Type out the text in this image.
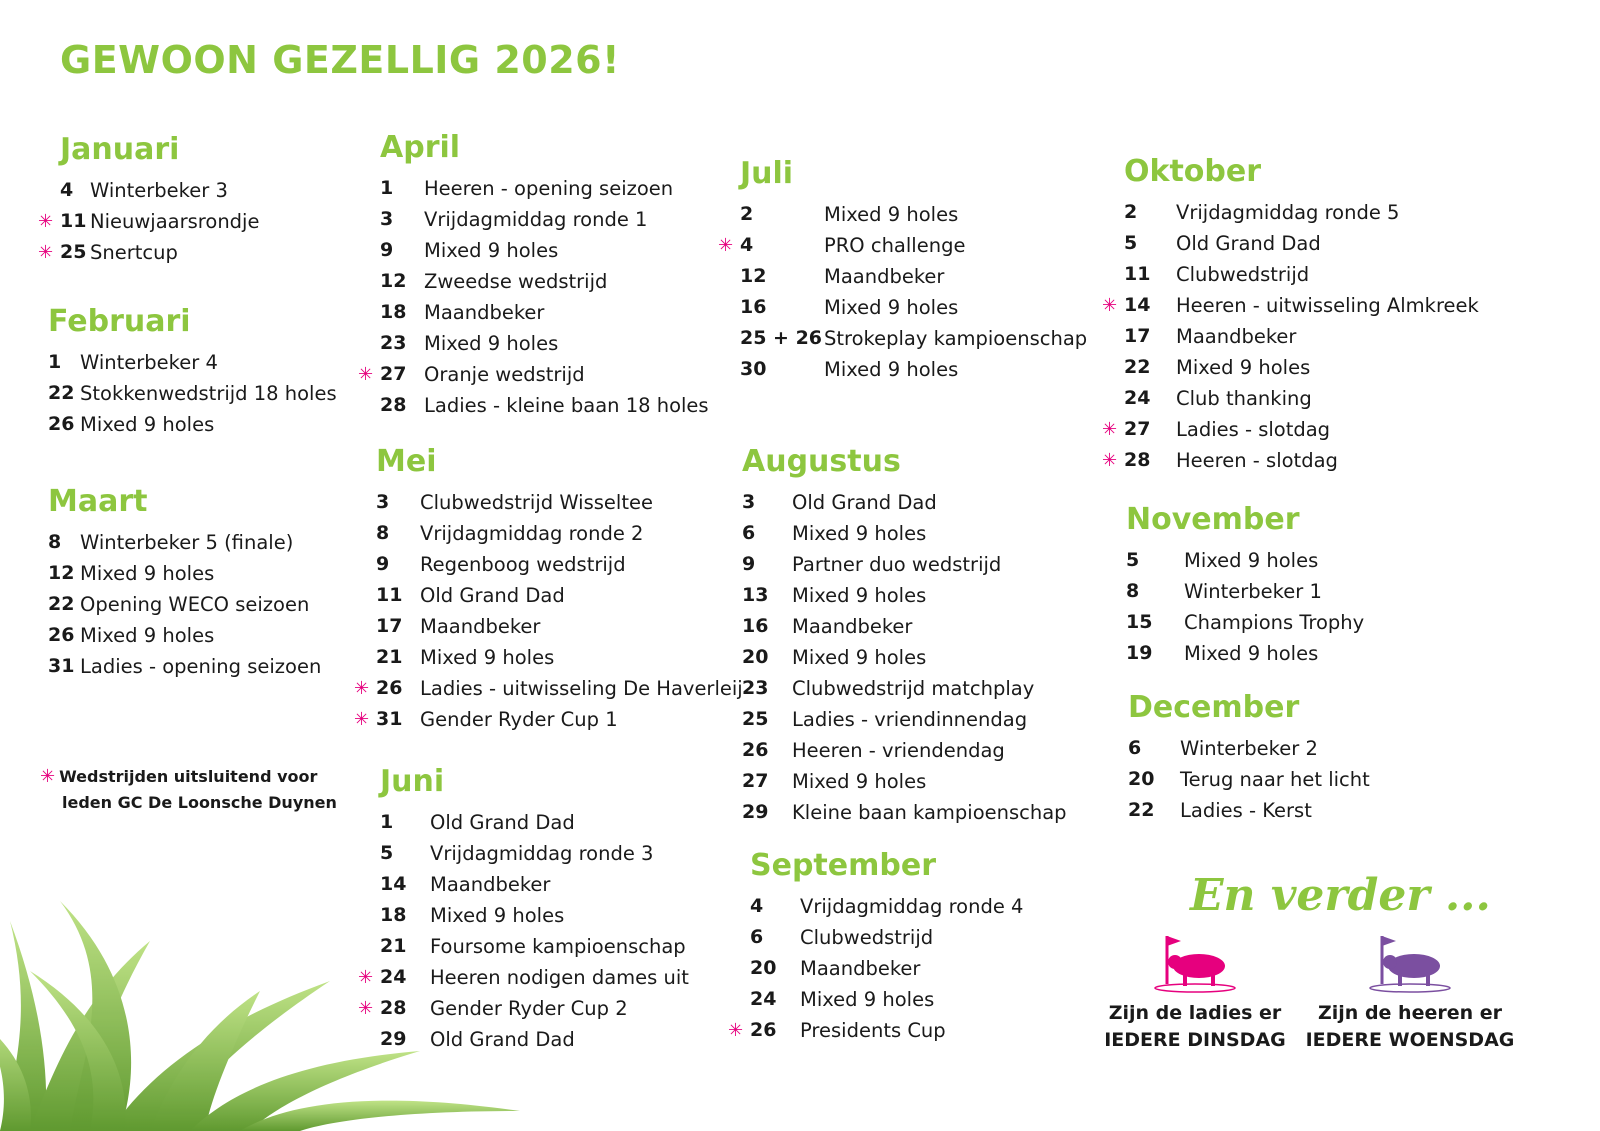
GEWOON GEZELLIG 2026!
Januari
4 Winterbeker 3
✳ 11 Nieuwjaarsrondje
✳ 25 Snertcup
Februari
1 Winterbeker 4
22 Stokkenwedstrijd 18 holes
26 Mixed 9 holes
Maart
8 Winterbeker 5 (finale)
12 Mixed 9 holes
22 Opening WECO seizoen
26 Mixed 9 holes
31 Ladies - opening seizoen
April
1 Heeren - opening seizoen
3 Vrijdagmiddag ronde 1
9 Mixed 9 holes
12 Zweedse wedstrijd
18 Maandbeker
23 Mixed 9 holes
✳ 27 Oranje wedstrijd
28 Ladies - kleine baan 18 holes
Mei
3 Clubwedstrijd Wisseltee
8 Vrijdagmiddag ronde 2
9 Regenboog wedstrijd
11 Old Grand Dad
17 Maandbeker
21 Mixed 9 holes
✳ 26 Ladies - uitwisseling De Haverleij
✳ 31 Gender Ryder Cup 1
Juni
1 Old Grand Dad
5 Vrijdagmiddag ronde 3
14 Maandbeker
18 Mixed 9 holes
21 Foursome kampioenschap
✳ 24 Heeren nodigen dames uit
✳ 28 Gender Ryder Cup 2
29 Old Grand Dad
Juli
2	Mixed 9 holes
✳ 4	PRO challenge
12	Maandbeker
16	Mixed 9 holes
25 + 26 Strokeplay kampioenschap
30	Mixed 9 holes
Augustus
3 Old Grand Dad
6 Mixed 9 holes
9 Partner duo wedstrijd
13 Mixed 9 holes
16 Maandbeker
20 Mixed 9 holes
23 Clubwedstrijd matchplay
25 Ladies - vriendinnendag
26 Heeren - vriendendag
27 Mixed 9 holes
29 Kleine baan kampioenschap
September
4 Vrijdagmiddag ronde 4
6 Clubwedstrijd
20 Maandbeker
24 Mixed 9 holes
✳ 26 Presidents Cup
Oktober
2 Vrijdagmiddag ronde 5
5 Old Grand Dad
11 Clubwedstrijd
✳ 14 Heeren - uitwisseling Almkreek
17 Maandbeker
22 Mixed 9 holes
24 Club thanking
✳ 27 Ladies - slotdag
✳ 28 Heeren - slotdag
November
5 Mixed 9 holes
8 Winterbeker 1
15 Champions Trophy
19 Mixed 9 holes
December
6 Winterbeker 2
20 Terug naar het licht
22 Ladies - Kerst
✳ Wedstrijden uitsluitend voor
leden GC De Loonsche Duynen
En verder ...
Zijn de ladies er
IEDERE DINSDAG
Zijn de heeren er
IEDERE WOENSDAG
